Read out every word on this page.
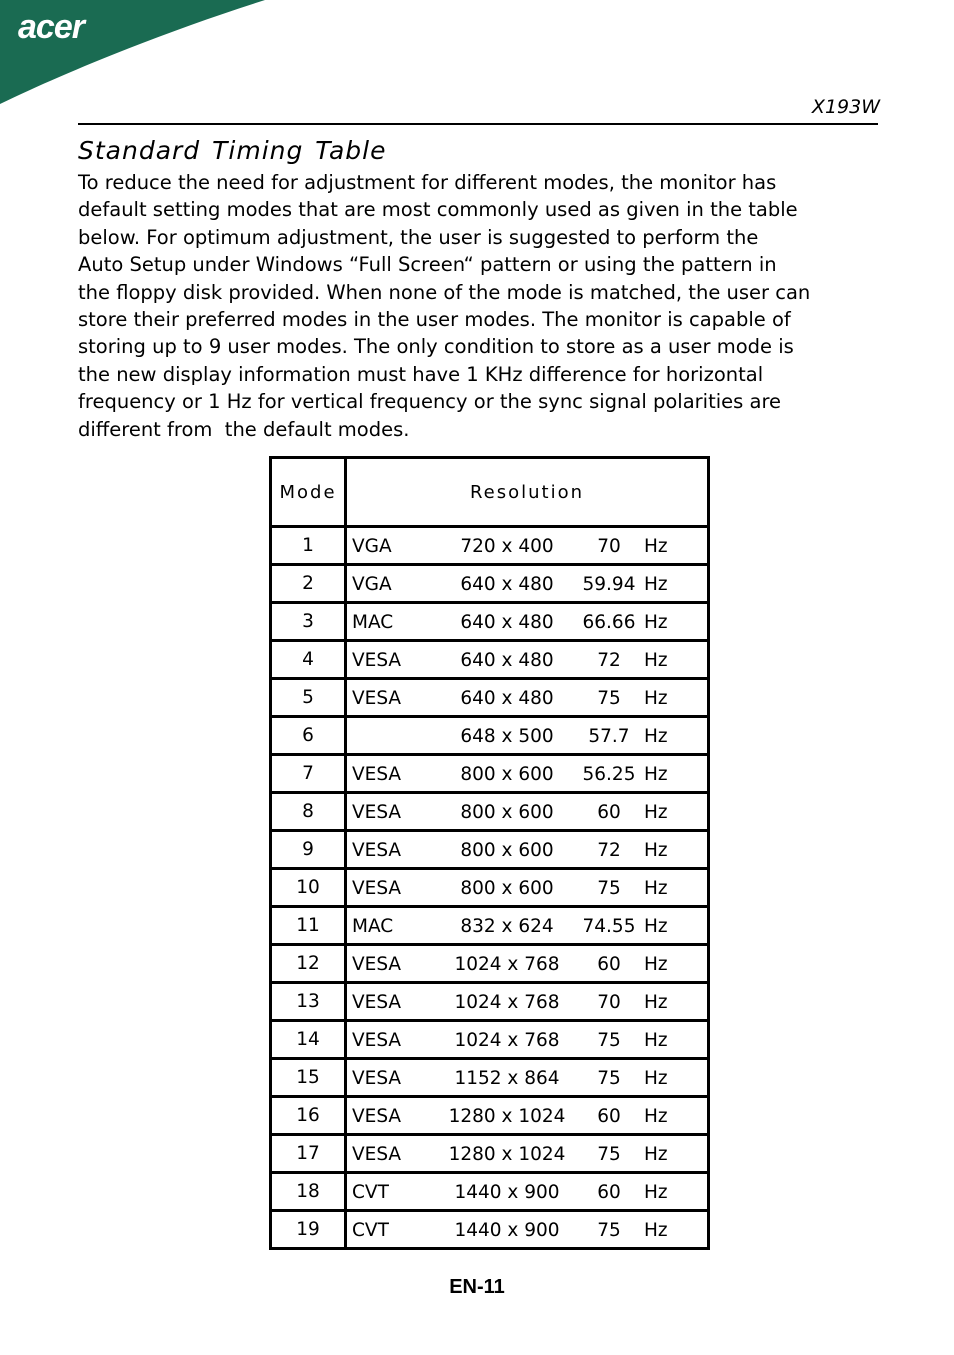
acer
X193W
Standard Timing Table

To reduce the need for adjustment for different modes, the monitor has
default setting modes that are most commonly used as given in the table
below. For optimum adjustment, the user is suggested to perform the
Auto Setup under Windows “Full Screen“ pattern or using the pattern in
the floppy disk provided. When none of the mode is matched, the user can
store their preferred modes in the user modes. The monitor is capable of
storing up to 9 user modes. The only condition to store as a user mode is
the new display information must have 1 KHz difference for horizontal
frequency or 1 Hz for vertical frequency or the sync signal polarities are
different from  the default modes.

Mode	Resolution
1	VGA 720 x 400 70 Hz

2	VGA 640 x 480 59.94 Hz

3	MAC 640 x 480 66.66 Hz

4	VESA 640 x 480 72 Hz

5	VESA 640 x 480 75 Hz

6	648 x 500 57.7 Hz

7	VESA 800 x 600 56.25 Hz

8	VESA 800 x 600 60 Hz

9	VESA 800 x 600 72 Hz

10	VESA 800 x 600 75 Hz

11	MAC 832 x 624 74.55 Hz

12	VESA 1024 x 768 60 Hz

13	VESA 1024 x 768 70 Hz

14	VESA 1024 x 768 75 Hz

15	VESA 1152 x 864 75 Hz

16	VESA 1280 x 1024 60 Hz

17	VESA 1280 x 1024 75 Hz

18	CVT 1440 x 900 60 Hz

19	CVT 1440 x 900 75 Hz
EN-11
